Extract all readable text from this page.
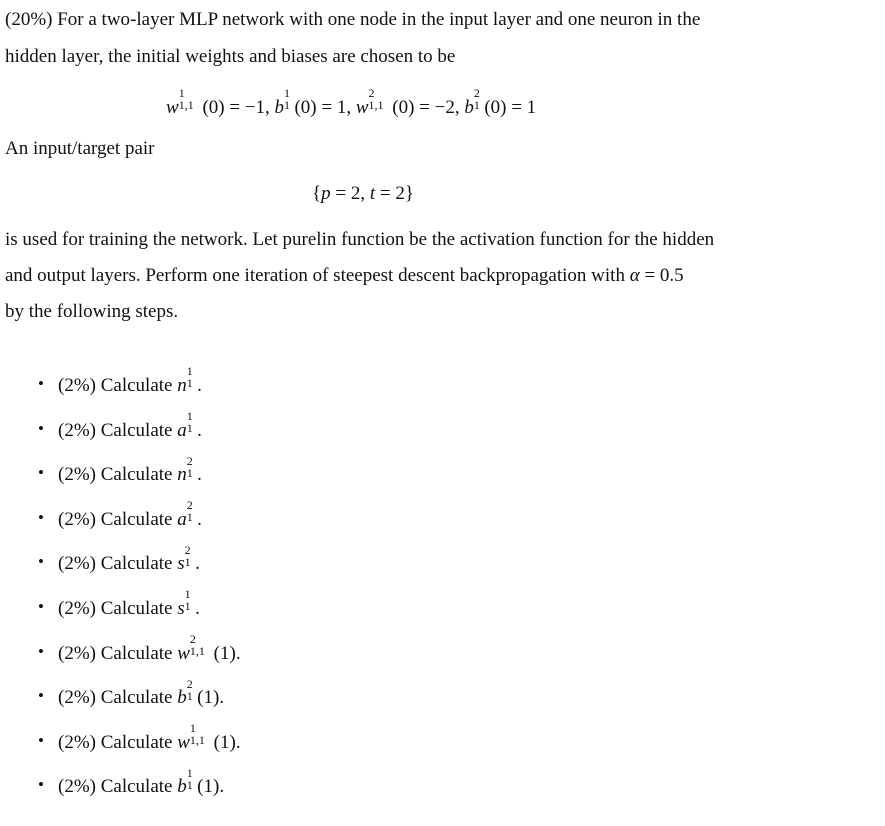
(20%) For a two-layer MLP network with one node in the input layer and one neuron in the
hidden layer, the initial weights and biases are chosen to be
w
1
1,1 (0) = −1, b
1
1 (0) = 1, w
2
1,1 (0) = −2, b
2
1 (0) = 1
An input/target pair
{p = 2, t = 2}
is used for training the network. Let purelin function be the activation function for the hidden
and output layers. Perform one iteration of steepest descent backpropagation with α = 0.5
by the following steps.
• (2%) Calculate n
1
1 .
• (2%) Calculate a
1
1 .
• (2%) Calculate n
2
1 .
• (2%) Calculate a
2
1 .
• (2%) Calculate s
2
1 .
• (2%) Calculate s
1
1 .
• (2%) Calculate w
2
1,1 (1).
• (2%) Calculate b
2
1 (1).
• (2%) Calculate w
1
1,1 (1).
• (2%) Calculate b
1
1 (1).
